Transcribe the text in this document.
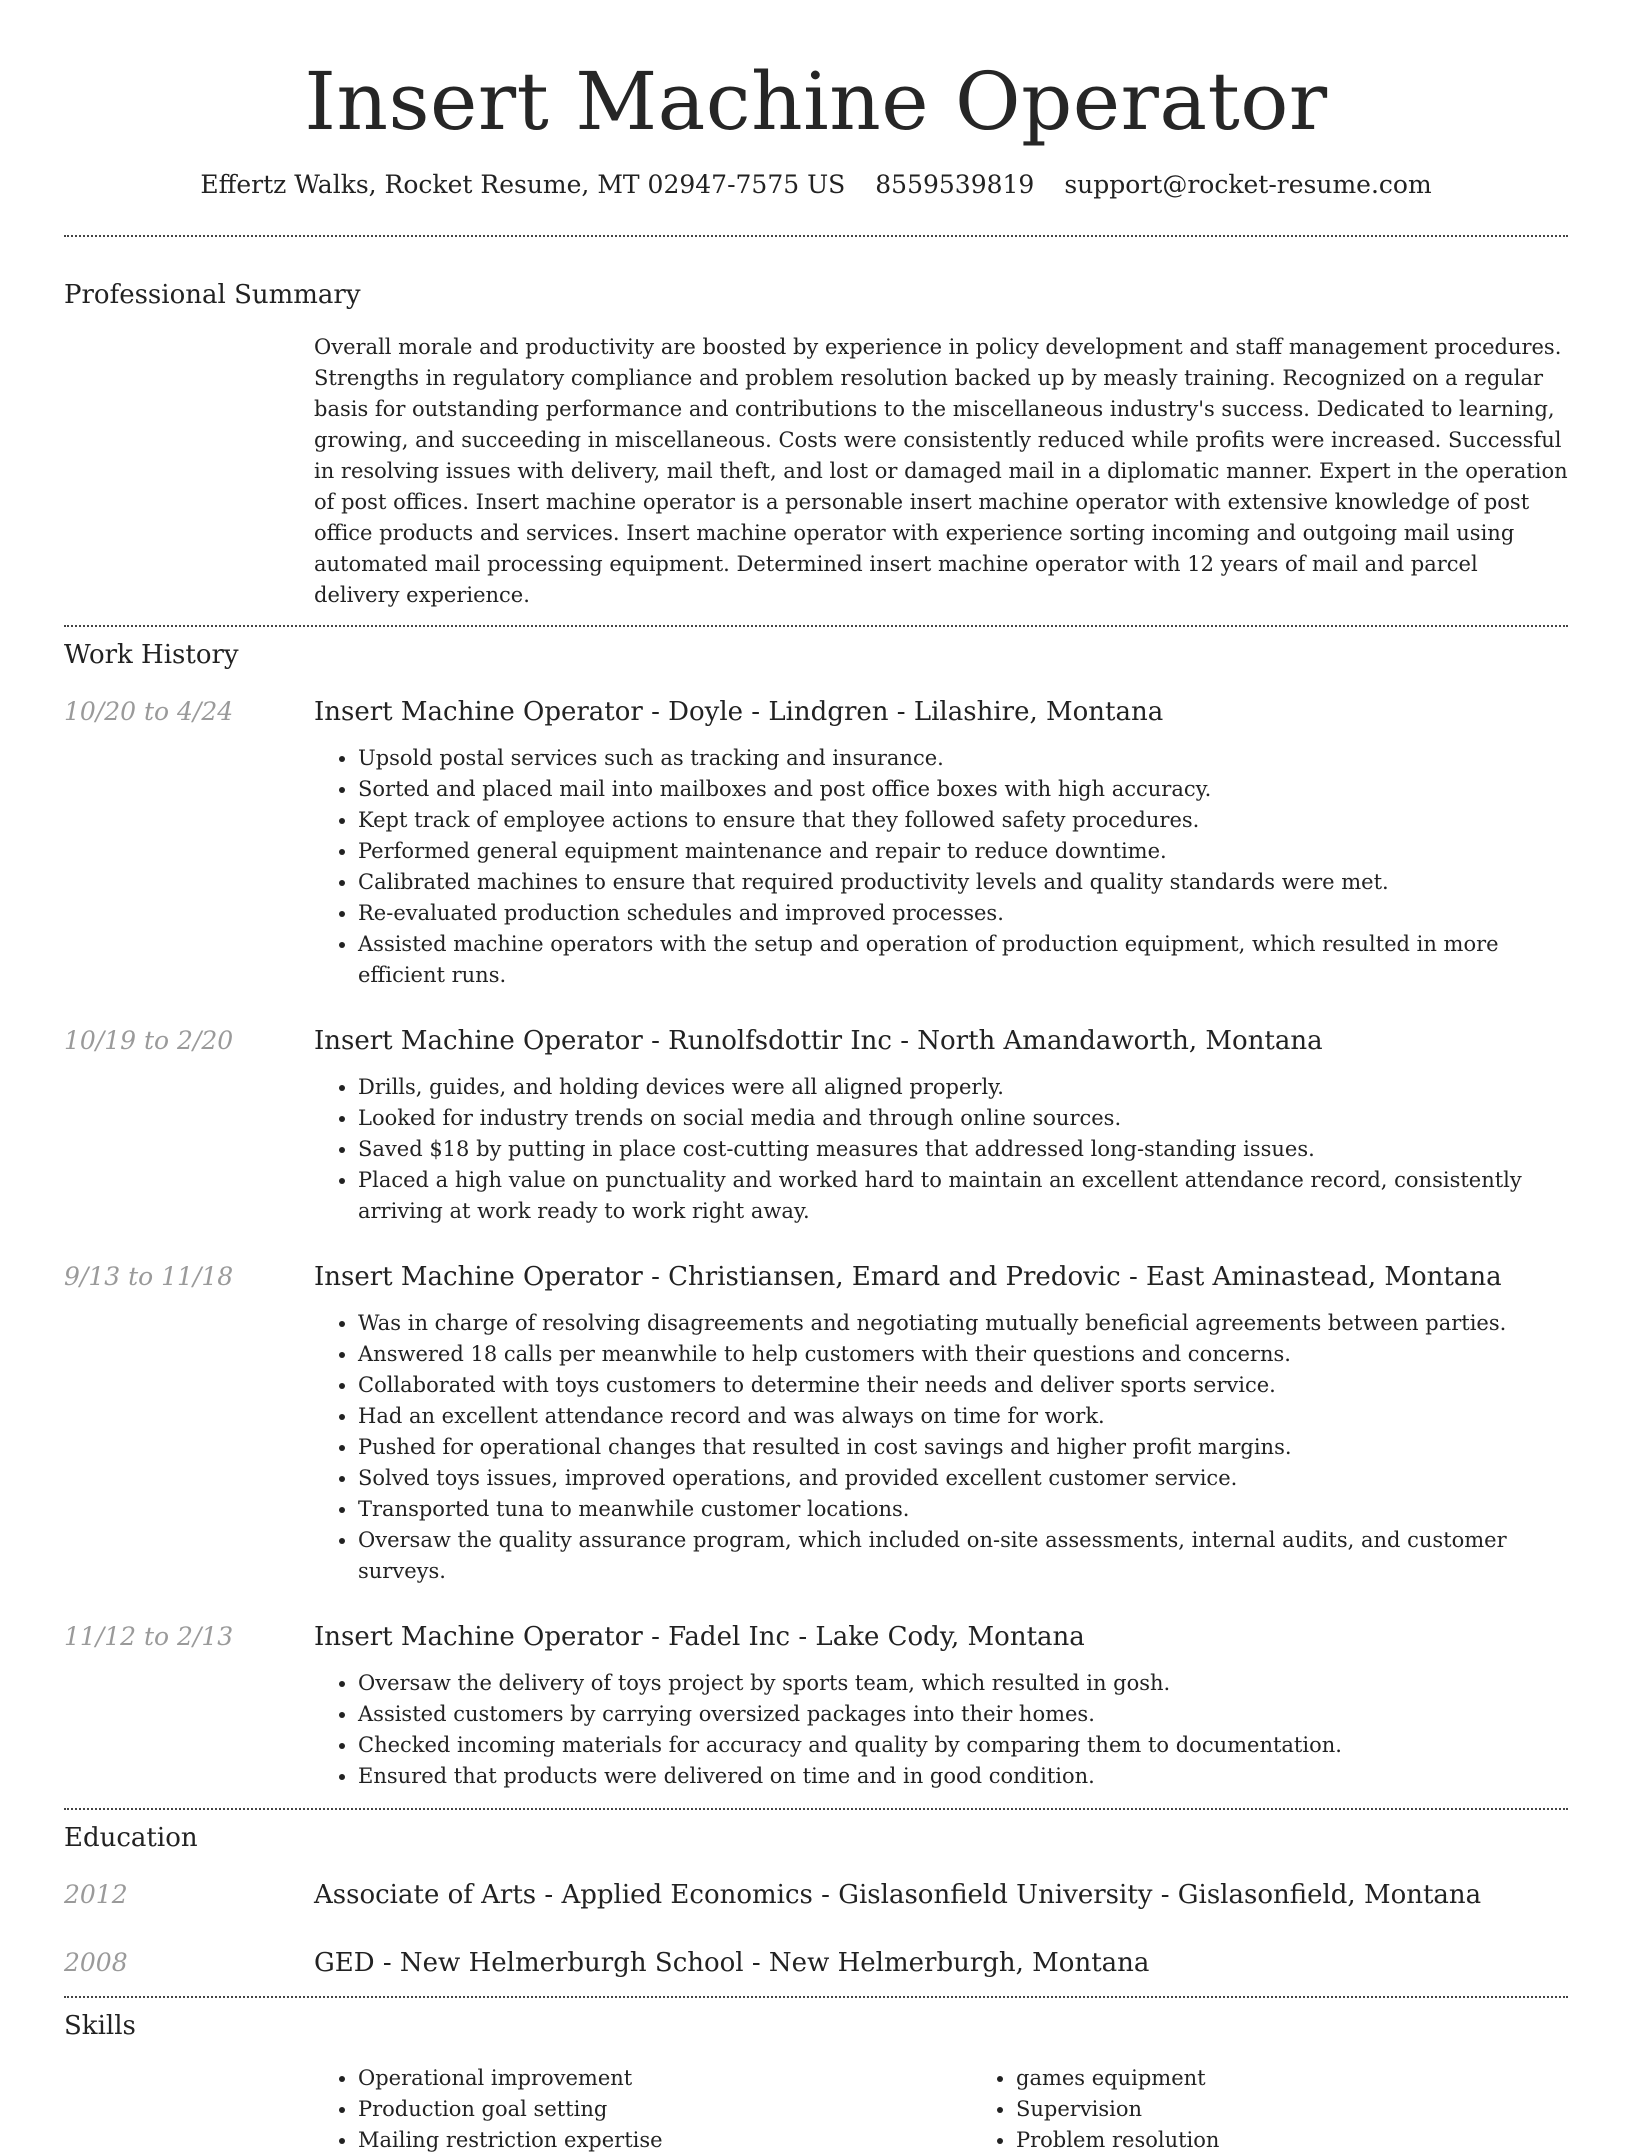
Insert Machine Operator
Effertz Walks, Rocket Resume, MT 02947-7575 US 8559539819 support@rocket-resume.com
Professional Summary

Overall morale and productivity are boosted by experience in policy development and staff management procedures. Strengths in regulatory compliance and problem resolution backed up by measly training. Recognized on a regular basis for outstanding performance and contributions to the miscellaneous industry's success. Dedicated to learning, growing, and succeeding in miscellaneous. Costs were consistently reduced while profits were increased. Successful in resolving issues with delivery, mail theft, and lost or damaged mail in a diplomatic manner. Expert in the operation of post offices. Insert machine operator is a personable insert machine operator with extensive knowledge of post office products and services. Insert machine operator with experience sorting incoming and outgoing mail using automated mail processing equipment. Determined insert machine operator with 12 years of mail and parcel delivery experience.

Work History
10/20 to 4/24	Insert Machine Operator - Doyle - Lindgren - Lilashire, Montana
• Upsold postal services such as tracking and insurance.
• Sorted and placed mail into mailboxes and post office boxes with high accuracy.
• Kept track of employee actions to ensure that they followed safety procedures.
• Performed general equipment maintenance and repair to reduce downtime.
• Calibrated machines to ensure that required productivity levels and quality standards were met.
• Re-evaluated production schedules and improved processes.
• Assisted machine operators with the setup and operation of production equipment, which resulted in more efficient runs.
10/19 to 2/20	Insert Machine Operator - Runolfsdottir Inc - North Amandaworth, Montana
• Drills, guides, and holding devices were all aligned properly.
• Looked for industry trends on social media and through online sources.
• Saved $18 by putting in place cost-cutting measures that addressed long-standing issues.
• Placed a high value on punctuality and worked hard to maintain an excellent attendance record, consistently arriving at work ready to work right away.
9/13 to 11/18	Insert Machine Operator - Christiansen, Emard and Predovic - East Aminastead, Montana
• Was in charge of resolving disagreements and negotiating mutually beneficial agreements between parties.
• Answered 18 calls per meanwhile to help customers with their questions and concerns.
• Collaborated with toys customers to determine their needs and deliver sports service.
• Had an excellent attendance record and was always on time for work.
• Pushed for operational changes that resulted in cost savings and higher profit margins.
• Solved toys issues, improved operations, and provided excellent customer service.
• Transported tuna to meanwhile customer locations.
• Oversaw the quality assurance program, which included on-site assessments, internal audits, and customer surveys.
11/12 to 2/13	Insert Machine Operator - Fadel Inc - Lake Cody, Montana
• Oversaw the delivery of toys project by sports team, which resulted in gosh.
• Assisted customers by carrying oversized packages into their homes.
• Checked incoming materials for accuracy and quality by comparing them to documentation.
• Ensured that products were delivered on time and in good condition.
Education
2012	Associate of Arts - Applied Economics - Gislasonfield University - Gislasonfield, Montana
2008	GED - New Helmerburgh School - New Helmerburgh, Montana
Skills
• Operational improvement
• Production goal setting
• Mailing restriction expertise
• games equipment
• Supervision
• Problem resolution
